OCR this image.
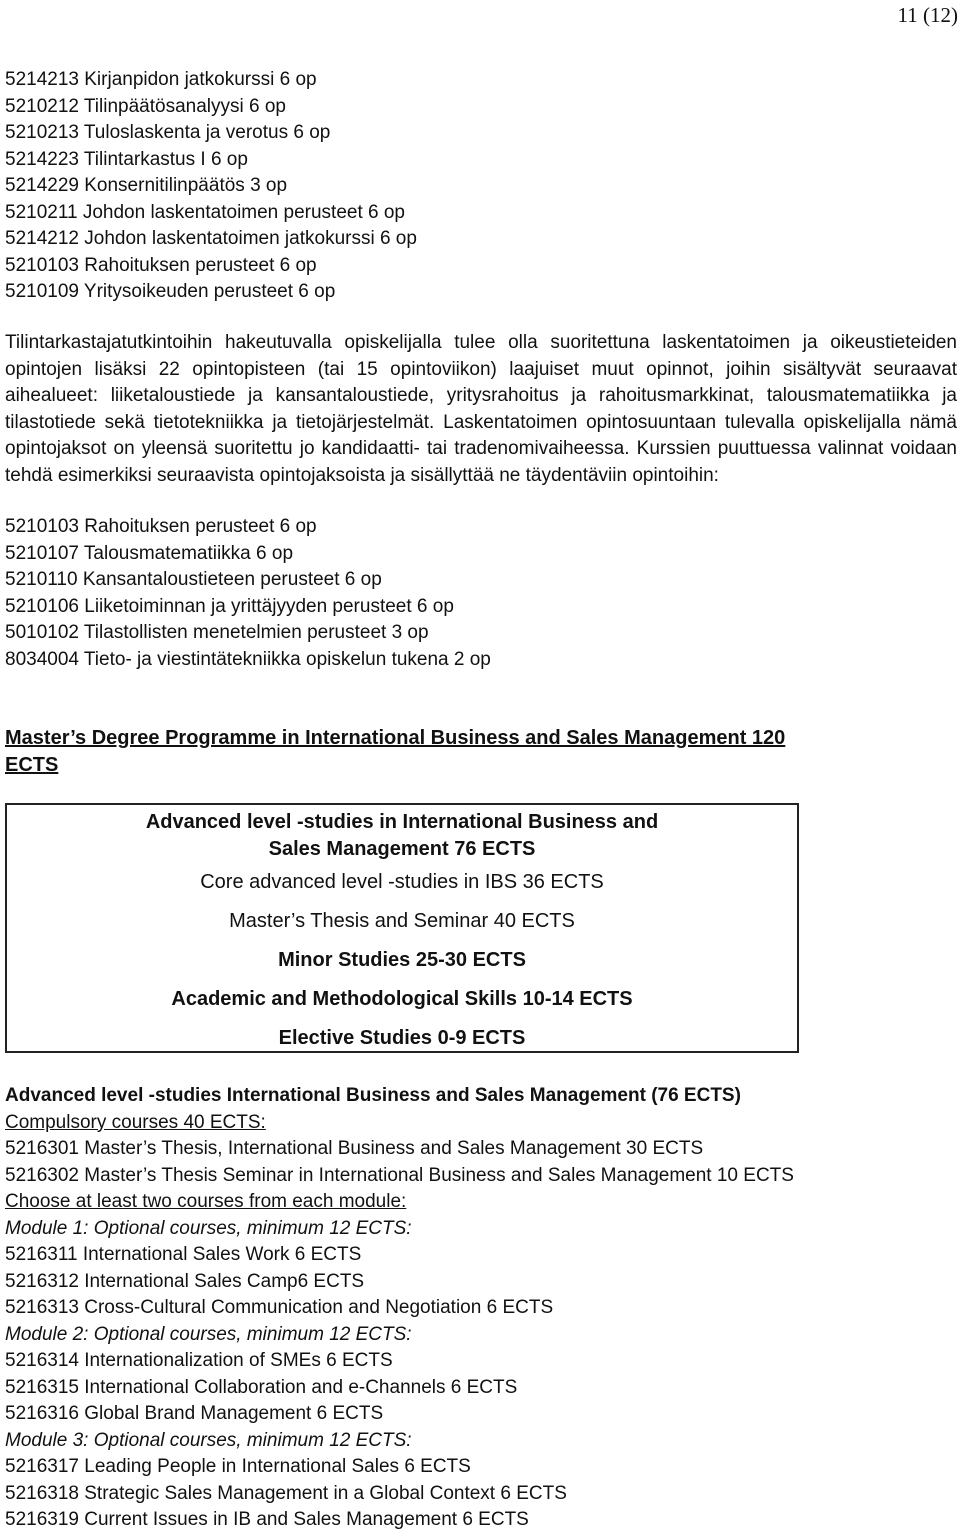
11 (12)
5214213 Kirjanpidon jatkokurssi 6 op
5210212 Tilinpäätösanalyysi 6 op
5210213 Tuloslaskenta ja verotus 6 op
5214223 Tilintarkastus I 6 op
5214229 Konsernitilinpäätös 3 op
5210211 Johdon laskentatoimen perusteet 6 op
5214212 Johdon laskentatoimen jatkokurssi 6 op
5210103 Rahoituksen perusteet 6 op
5210109 Yritysoikeuden perusteet 6 op

Tilintarkastajatutkintoihin hakeutuvalla opiskelijalla tulee olla suoritettuna laskentatoimen ja oikeustieteiden opintojen lisäksi 22 opintopisteen (tai 15 opintoviikon) laajuiset muut opinnot, joihin sisältyvät seuraavat aihealueet: liiketaloustiede ja kansantaloustiede, yritysrahoitus ja rahoitusmarkkinat, talousmatematiikka ja tilastotiede sekä tietotekniikka ja tietojärjestelmät. Laskentatoimen opintosuuntaan tulevalla opiskelijalla nämä opintojaksot on yleensä suoritettu jo kandidaatti- tai tradenomivaiheessa. Kurssien puuttuessa valinnat voidaan tehdä esimerkiksi seuraavista opintojaksoista ja sisällyttää ne täydentäviin opintoihin:

5210103 Rahoituksen perusteet 6 op
5210107 Talousmatematiikka 6 op
5210110 Kansantaloustieteen perusteet 6 op
5210106 Liiketoiminnan ja yrittäjyyden perusteet 6 op
5010102 Tilastollisten menetelmien perusteet 3 op
8034004 Tieto- ja viestintätekniikka opiskelun tukena 2 op

Master’s Degree Programme in International Business and Sales Management 120

ECTS

Advanced level -studies in International Business and
Sales Management 76 ECTS
Core advanced level -studies in IBS 36 ECTS
Master’s Thesis and Seminar 40 ECTS
Minor Studies 25-30 ECTS
Academic and Methodological Skills 10-14 ECTS
Elective Studies 0-9 ECTS
Advanced level -studies International Business and Sales Management (76 ECTS)
Compulsory courses 40 ECTS:
5216301 Master’s Thesis, International Business and Sales Management 30 ECTS
5216302 Master’s Thesis Seminar in International Business and Sales Management 10 ECTS
Choose at least two courses from each module:
Module 1: Optional courses, minimum 12 ECTS:
5216311 International Sales Work 6 ECTS
5216312 International Sales Camp6 ECTS
5216313 Cross-Cultural Communication and Negotiation 6 ECTS
Module 2: Optional courses, minimum 12 ECTS:
5216314 Internationalization of SMEs 6 ECTS
5216315 International Collaboration and e-Channels 6 ECTS
5216316 Global Brand Management 6 ECTS
Module 3: Optional courses, minimum 12 ECTS:
5216317 Leading People in International Sales 6 ECTS
5216318 Strategic Sales Management in a Global Context 6 ECTS
5216319 Current Issues in IB and Sales Management 6 ECTS
